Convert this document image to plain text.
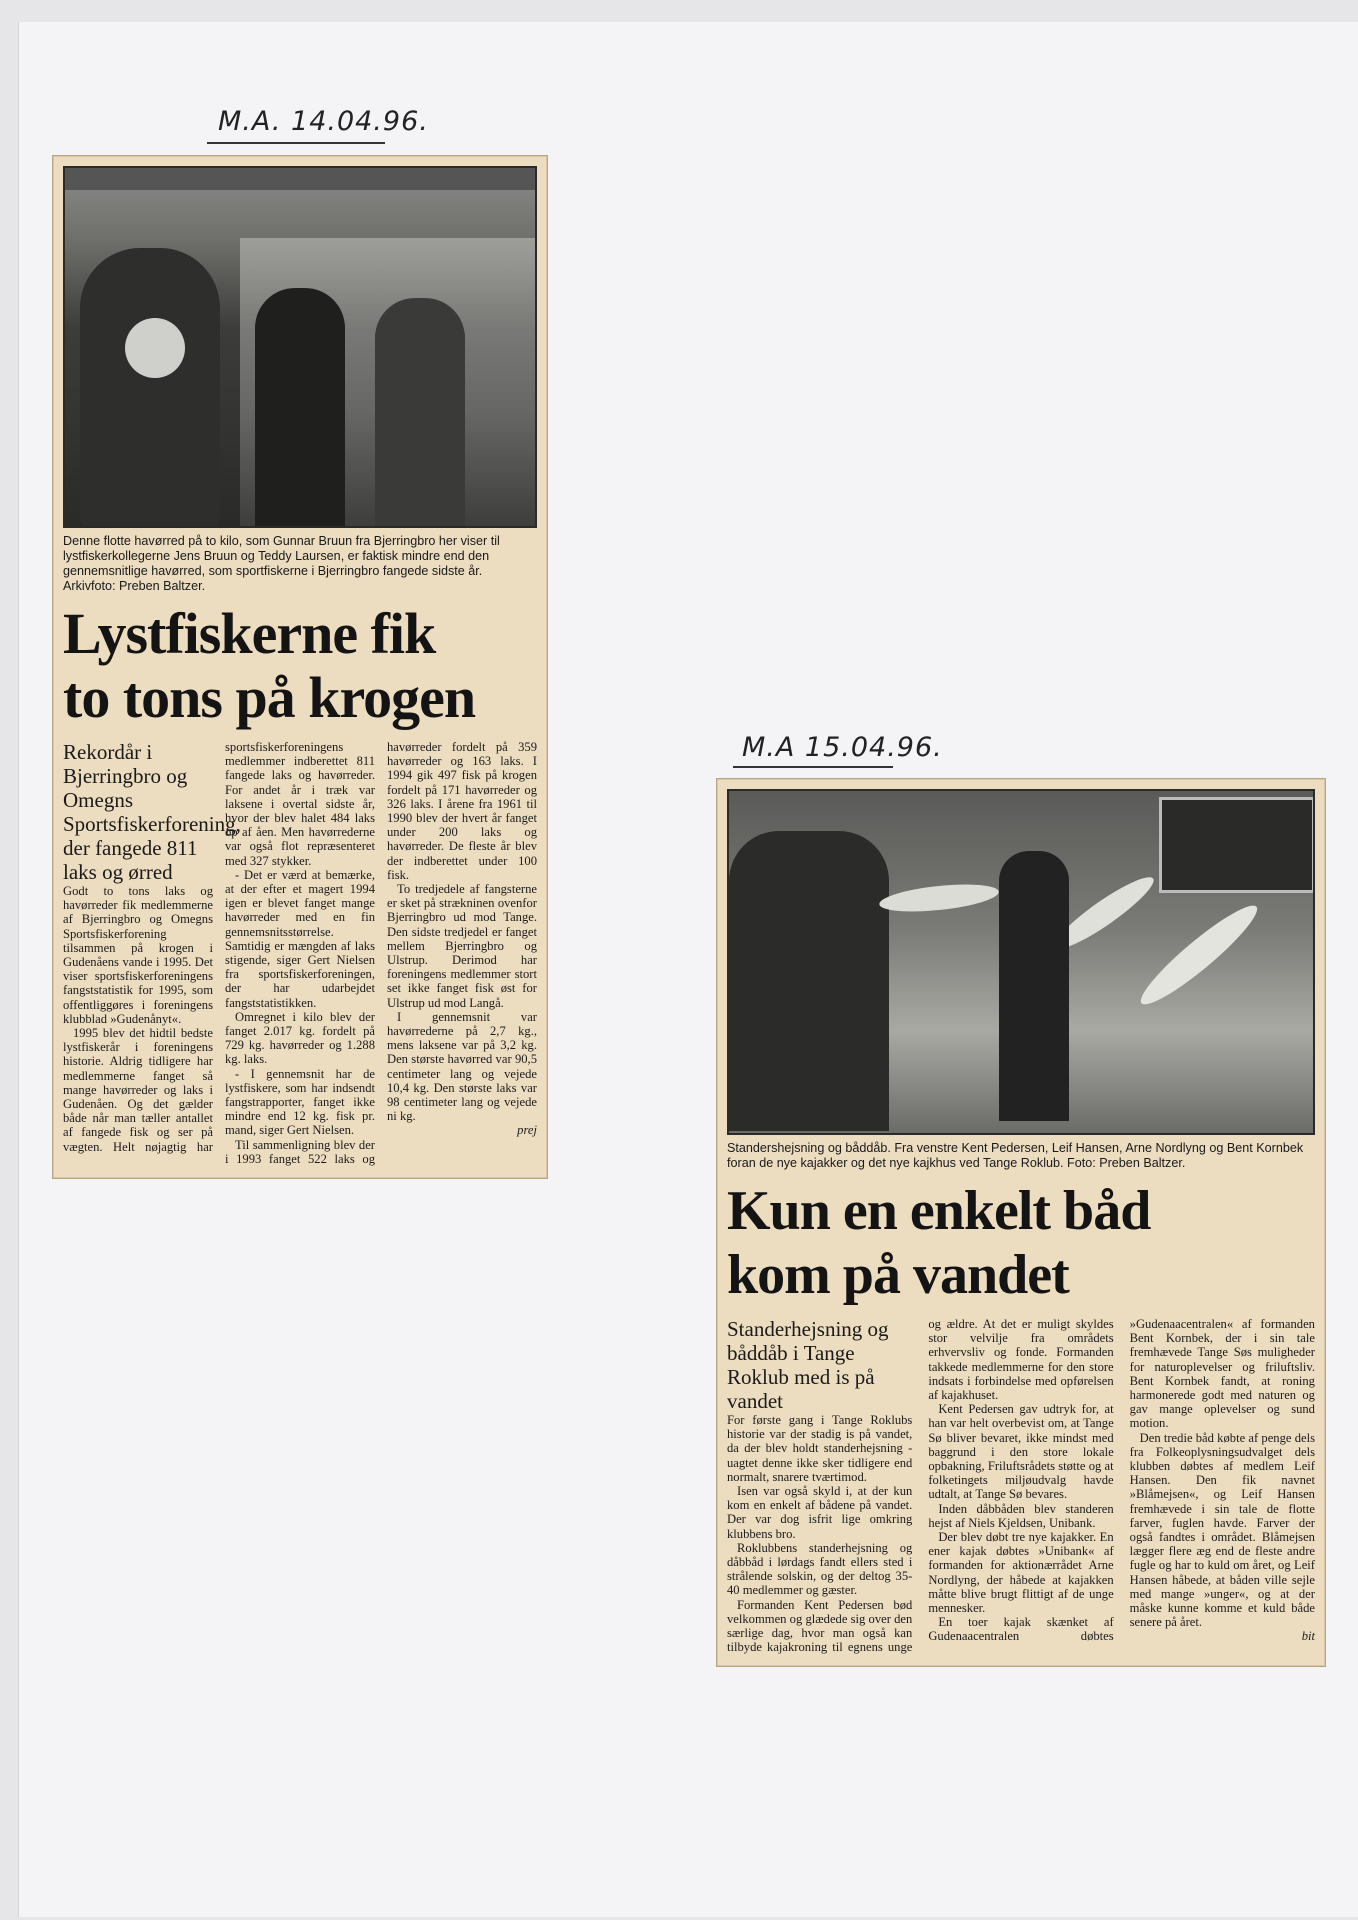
M.A. 14.04.96.
M.A 15.04.96.
Denne flotte havørred på to kilo, som Gunnar Bruun fra Bjerringbro her viser til lystfiskerkollegerne Jens Bruun og Teddy Laursen, er faktisk mindre end den gennemsnitlige havørred, som sportfiskerne i Bjerringbro fangede sidste år. Arkivfoto: Preben Baltzer.
Lystfiskerne fik
to tons på krogen

Rekordår i Bjerringbro og Omegns Sportsfiskerforening, der fangede 811 laks og ørred

Godt to tons laks og havørreder fik medlemmerne af Bjerringbro og Omegns Sportsfiskerforening tilsammen på krogen i Gudenåens vande i 1995. Det viser sportsfiskerforeningens fangststatistik for 1995, som offentliggøres i foreningens klubblad »Gudenånyt«.

1995 blev det hidtil bedste lystfiskerår i foreningens historie. Aldrig tidligere har medlemmerne fanget så mange havørreder og laks i Gudenåen. Og det gælder både når man tæller antallet af fangede fisk og ser på vægten. Helt nøjagtig har sportsfiskerforeningens medlemmer indberettet 811 fangede laks og havørreder. For andet år i træk var laksene i overtal sidste år, hvor der blev halet 484 laks op af åen. Men havørrederne var også flot repræsenteret med 327 stykker.

- Det er værd at bemærke, at der efter et magert 1994 igen er blevet fanget mange havørreder med en fin gennemsnitsstørrelse. Samtidig er mængden af laks stigende, siger Gert Nielsen fra sportsfiskerforeningen, der har udarbejdet fangststatistikken.

Omregnet i kilo blev der fanget 2.017 kg. fordelt på 729 kg. havørreder og 1.288 kg. laks.

- I gennemsnit har de lystfiskere, som har indsendt fangstrapporter, fanget ikke mindre end 12 kg. fisk pr. mand, siger Gert Nielsen.

Til sammenligning blev der i 1993 fanget 522 laks og havørreder fordelt på 359 havørreder og 163 laks. I 1994 gik 497 fisk på krogen fordelt på 171 havørreder og 326 laks. I årene fra 1961 til 1990 blev der hvert år fanget under 200 laks og havørreder. De fleste år blev der indberettet under 100 fisk.

To tredjedele af fangsterne er sket på strækninen ovenfor Bjerringbro ud mod Tange. Den sidste tredjedel er fanget mellem Bjerringbro og Ulstrup. Derimod har foreningens medlemmer stort set ikke fanget fisk øst for Ulstrup ud mod Langå.

I gennemsnit var havørrederne på 2,7 kg., mens laksene var på 3,2 kg. Den største havørred var 90,5 centimeter lang og vejede 10,4 kg. Den største laks var 98 centimeter lang og vejede ni kg.

prej

Standershejsning og båddåb. Fra venstre Kent Pedersen, Leif Hansen, Arne Nordlyng og Bent Kornbek foran de nye kajakker og det nye kajkhus ved Tange Roklub. Foto: Preben Baltzer.
Kun en enkelt båd
kom på vandet

Standerhejsning og båddåb i Tange Roklub med is på vandet

For første gang i Tange Roklubs historie var der stadig is på vandet, da der blev holdt standerhejsning - uagtet denne ikke sker tidligere end normalt, snarere tværtimod.

Isen var også skyld i, at der kun kom en enkelt af bådene på vandet. Der var dog isfrit lige omkring klubbens bro.

Roklubbens standerhejsning og dåbbåd i lørdags fandt ellers sted i strålende solskin, og der deltog 35-40 medlemmer og gæster.

Formanden Kent Pedersen bød velkommen og glædede sig over den særlige dag, hvor man også kan tilbyde kajakroning til egnens unge og ældre. At det er muligt skyldes stor velvilje fra områdets erhvervsliv og fonde. Formanden takkede medlemmerne for den store indsats i forbindelse med opførelsen af kajakhuset.

Kent Pedersen gav udtryk for, at han var helt overbevist om, at Tange Sø bliver bevaret, ikke mindst med baggrund i den store lokale opbakning, Friluftsrådets støtte og at folketingets miljøudvalg havde udtalt, at Tange Sø bevares.

Inden dåbbåden blev standeren hejst af Niels Kjeldsen, Unibank.

Der blev døbt tre nye kajakker. En ener kajak døbtes »Unibank« af formanden for aktionærrådet Arne Nordlyng, der håbede at kajakken måtte blive brugt flittigt af de unge mennesker.

En toer kajak skænket af Gudenaacentralen døbtes »Gudenaacentralen« af formanden Bent Kornbek, der i sin tale fremhævede Tange Søs muligheder for naturoplevelser og friluftsliv. Bent Kornbek fandt, at roning harmonerede godt med naturen og gav mange oplevelser og sund motion.

Den tredie båd købte af penge dels fra Folkeoplysningsudvalget dels klubben døbtes af medlem Leif Hansen. Den fik navnet »Blåmejsen«, og Leif Hansen fremhævede i sin tale de flotte farver, fuglen havde. Farver der også fandtes i området. Blåmejsen lægger flere æg end de fleste andre fugle og har to kuld om året, og Leif Hansen håbede, at båden ville sejle med mange »unger«, og at der måske kunne komme et kuld både senere på året.

bit
